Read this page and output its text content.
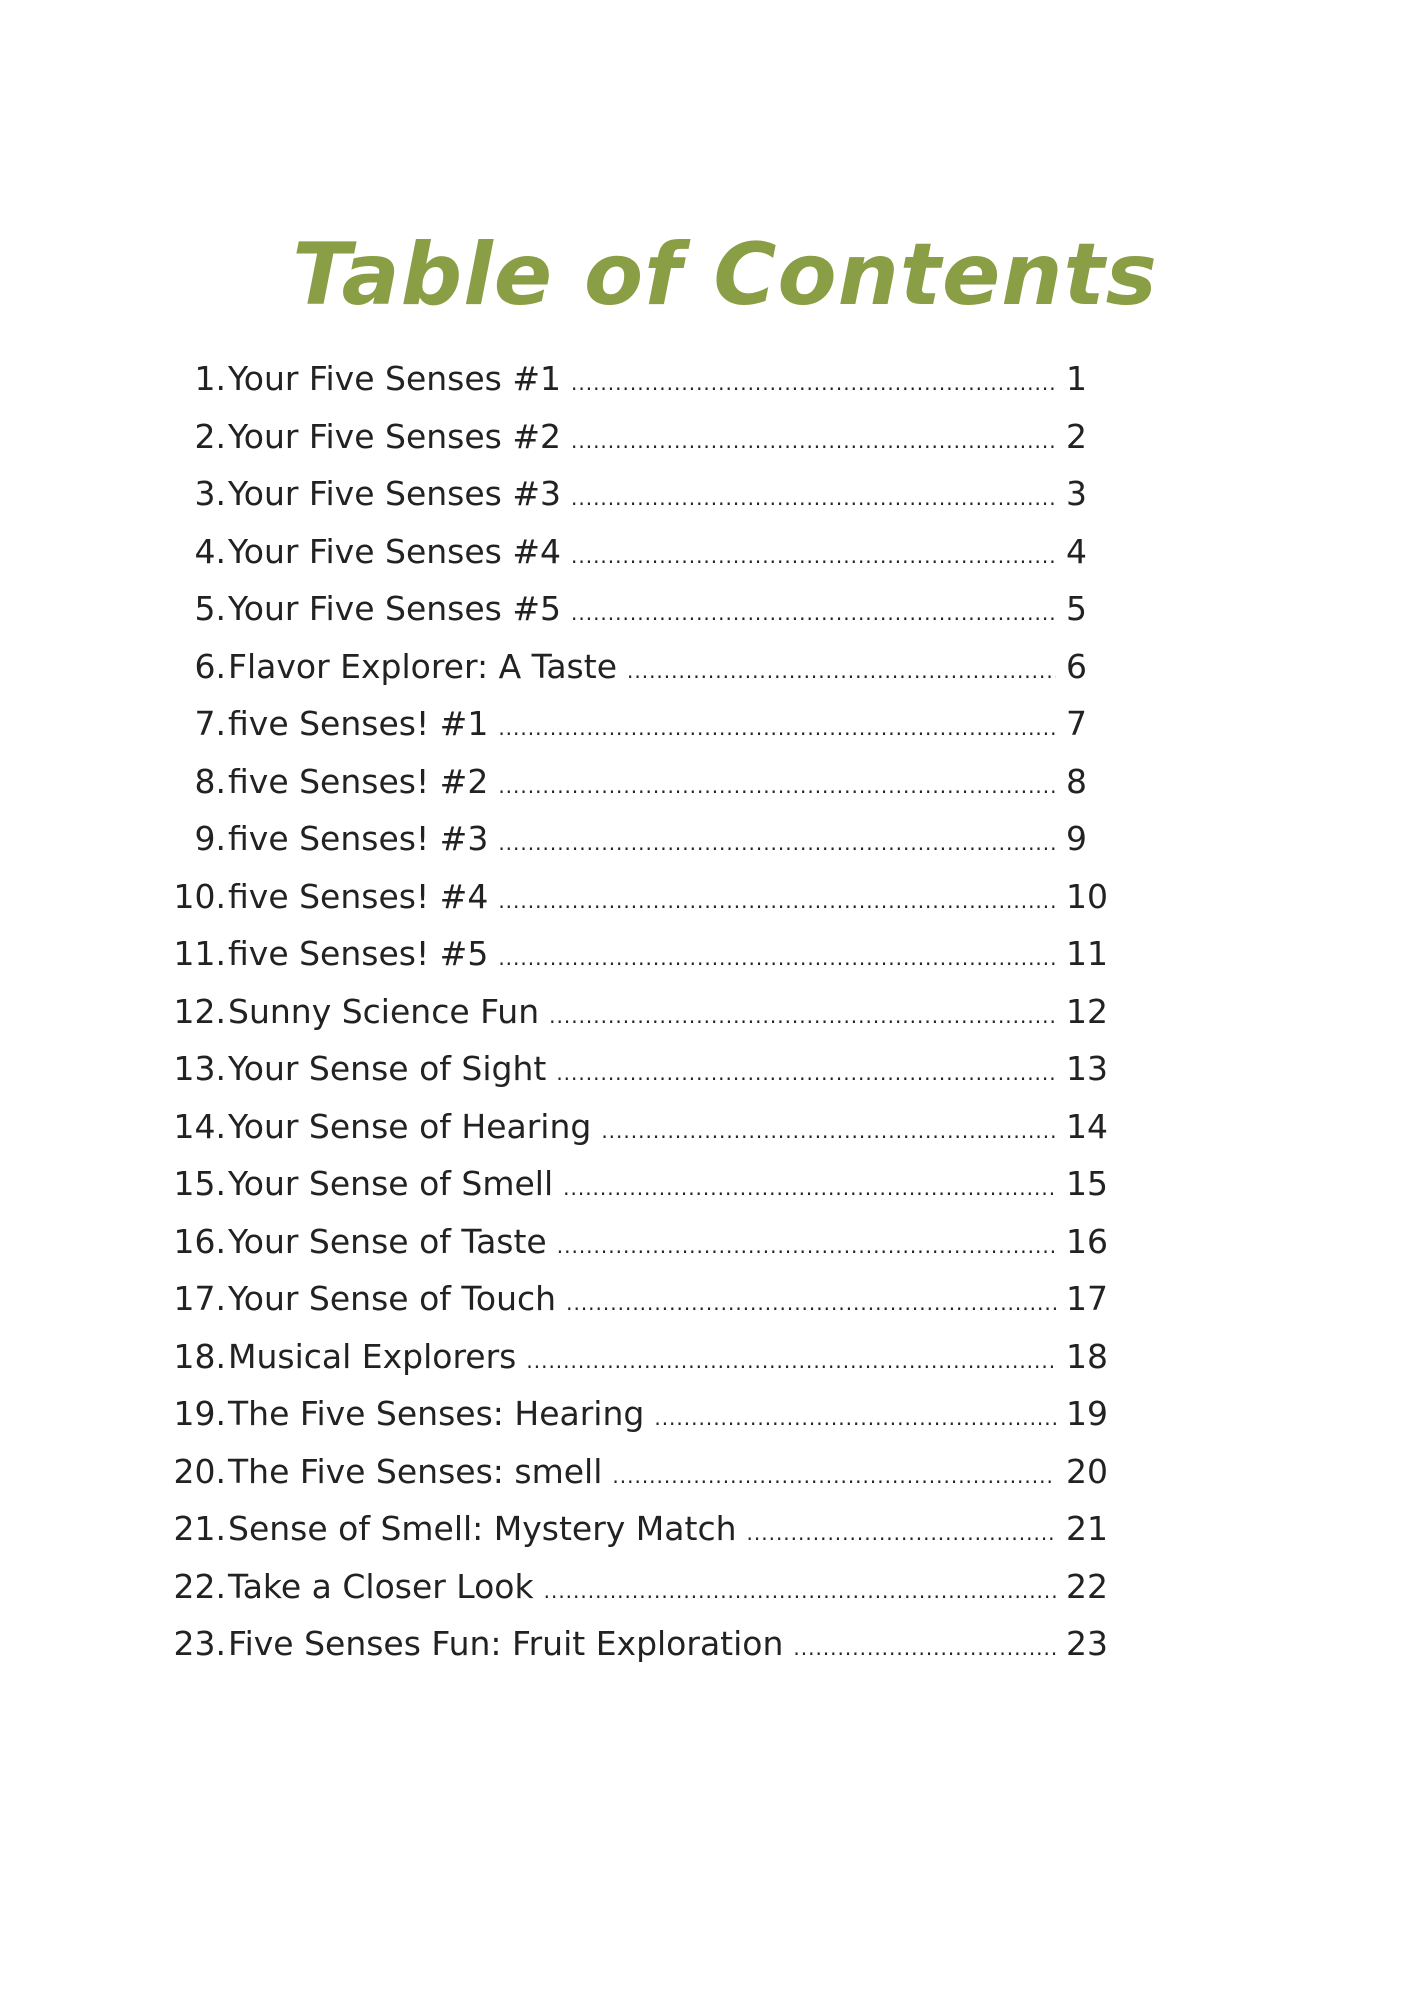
Table of Contents
1. Your Five Senses #1 .....	1
2. Your Five Senses #2 .....	2
3. Your Five Senses #3 .....	3
4. Your Five Senses #4 .....	4
5. Your Five Senses #5 .....	5
6. Flavor Explorer: A Taste .....	6
7. five Senses! #1 .....	7
8. five Senses! #2 .....	8
9. five Senses! #3 .....	9
10. five Senses! #4 .....	10
11. five Senses! #5 .....	11
12. Sunny Science Fun .....	12
13. Your Sense of Sight .....	13
14. Your Sense of Hearing .....	14
15. Your Sense of Smell .....	15
16. Your Sense of Taste .....	16
17. Your Sense of Touch .....	17
18. Musical Explorers .....	18
19. The Five Senses: Hearing .....	19
20. The Five Senses: smell .....	20
21. Sense of Smell: Mystery Match .....	21
22. Take a Closer Look .....	22
23. Five Senses Fun: Fruit Exploration .....	23
